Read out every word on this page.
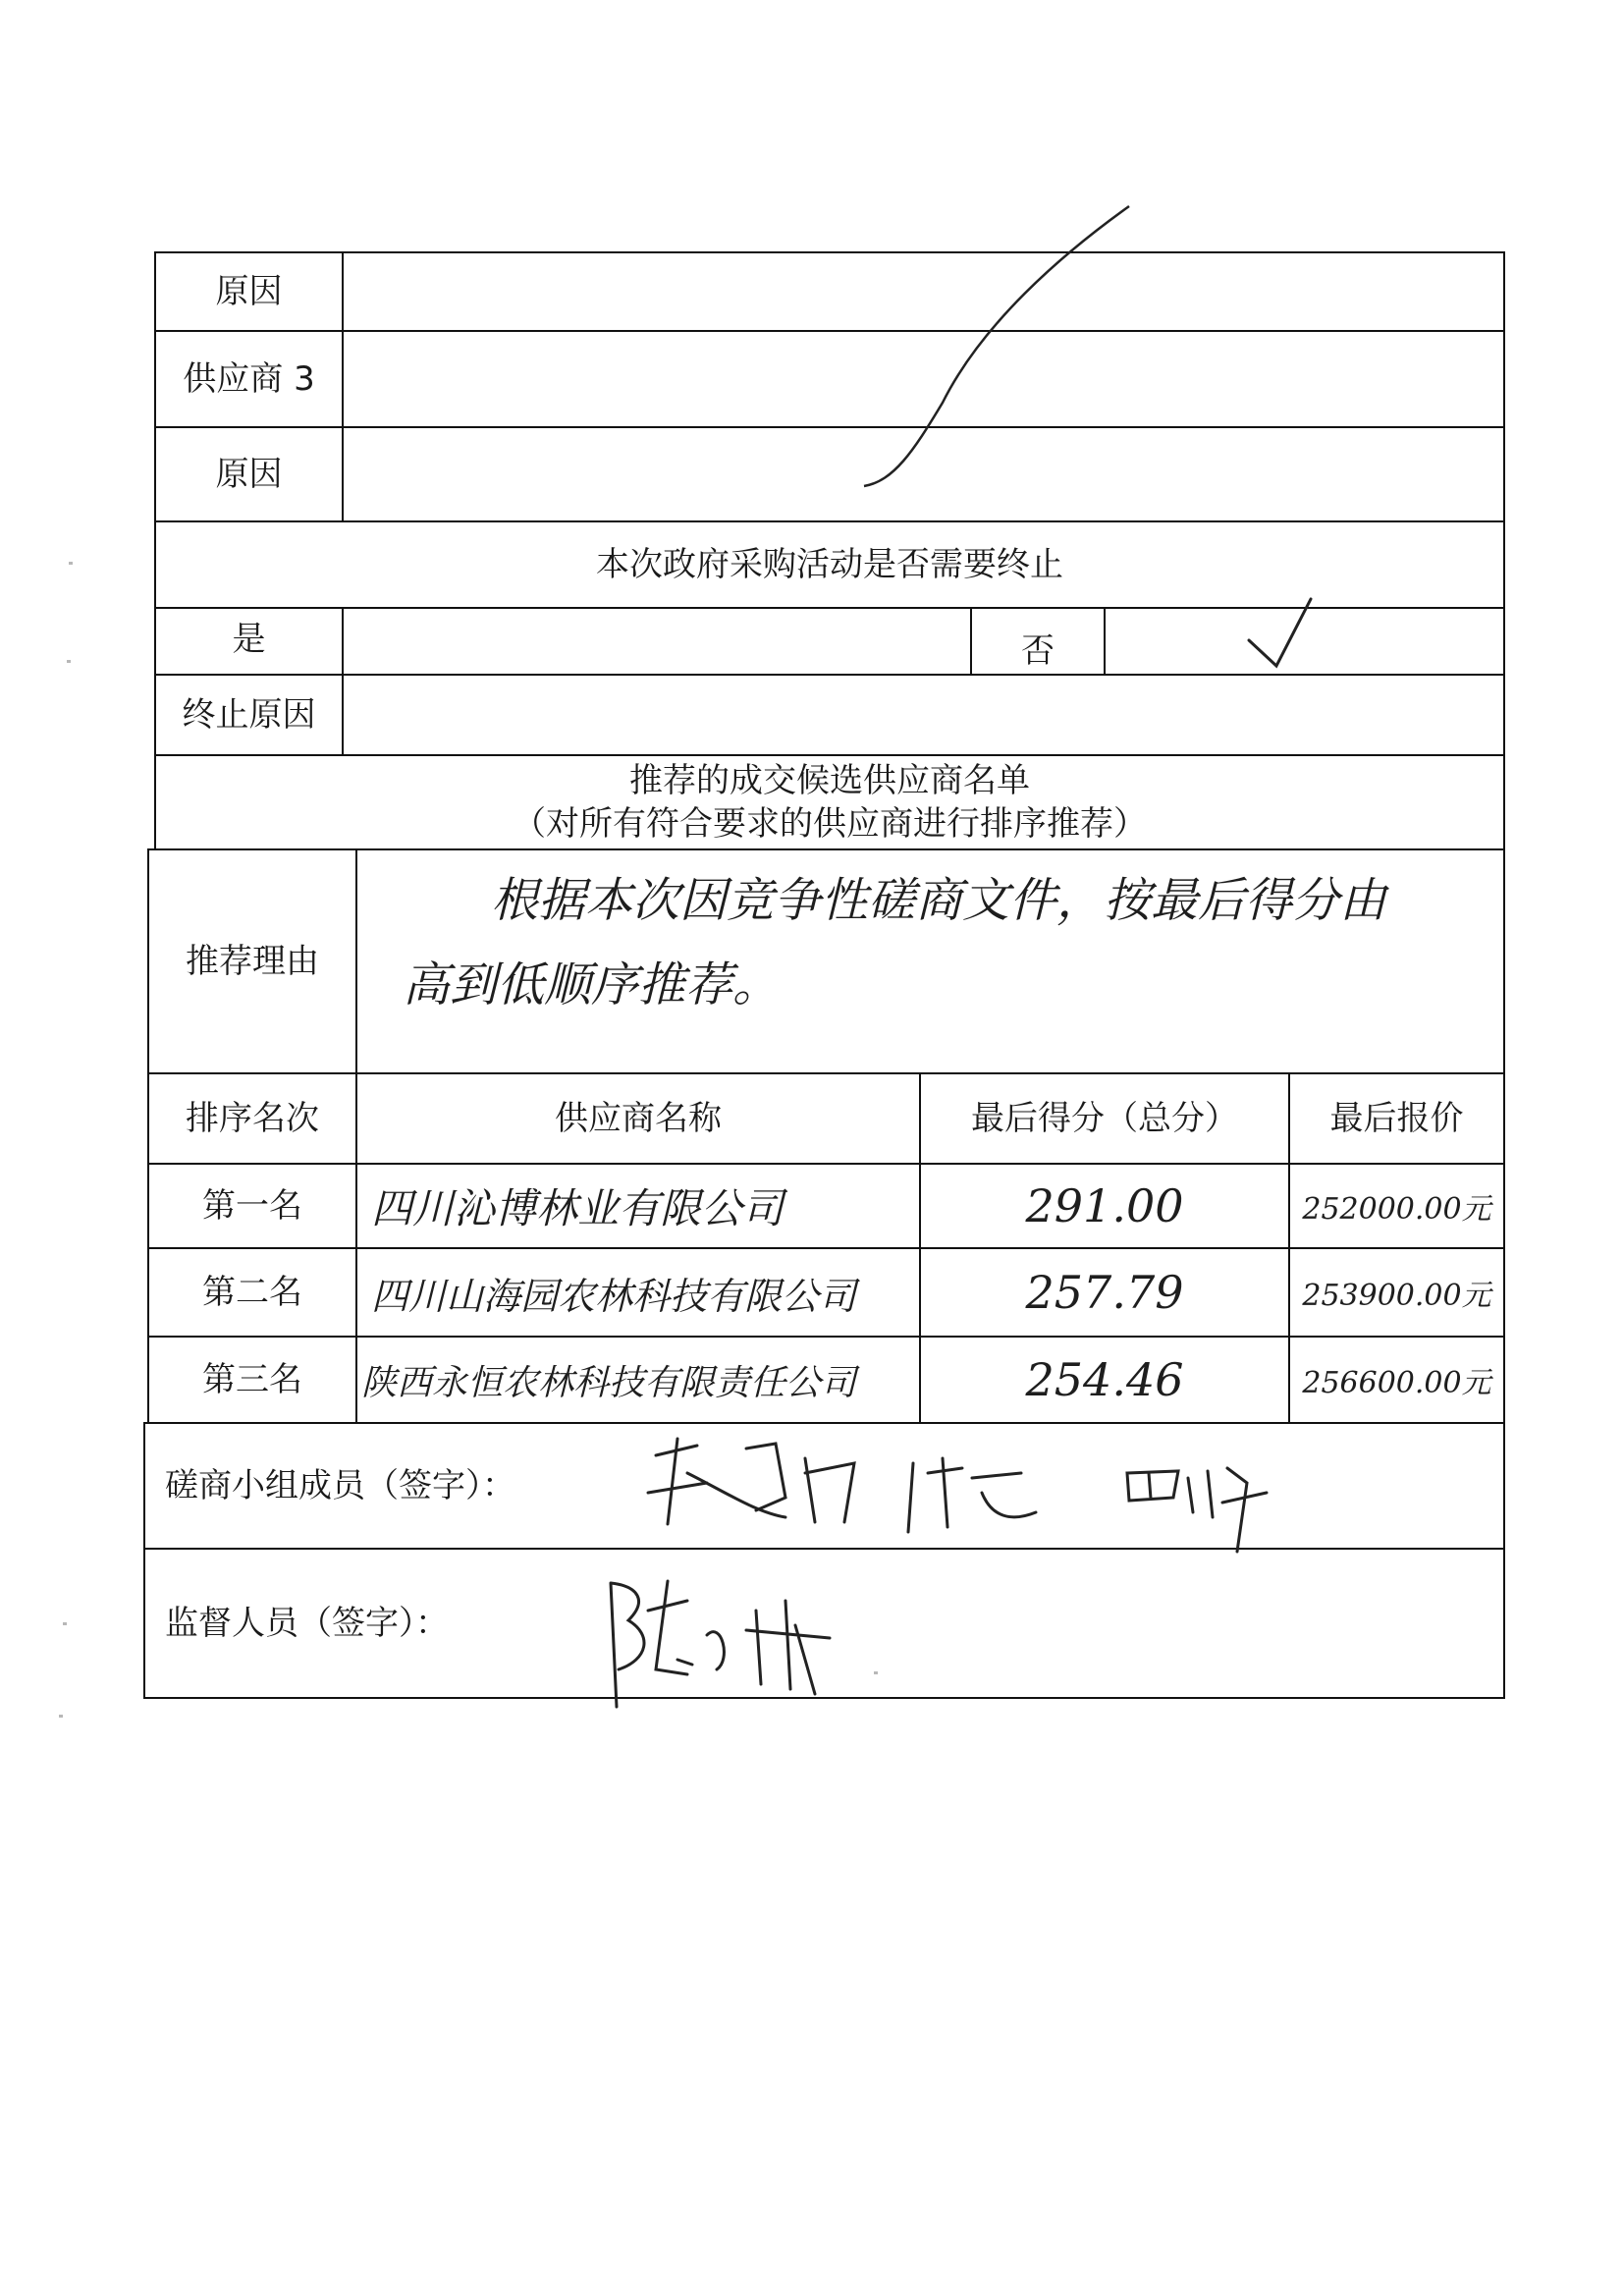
原因
供应商 3
原因
本次政府采购活动是否需要终止
是	否
终止原因
推荐的成交候选供应商名单
（对所有符合要求的供应商进行排序推荐）
推荐理由
根据本次因竞争性磋商文件，按最后得分由
高到低顺序推荐。
排序名次	供应商名称	最后得分（总分）	最后报价
第一名	四川沁博林业有限公司	291.00	252000.00元
第二名	四川山海园农林科技有限公司	257.79	253900.00元
第三名	陕西永恒农林科技有限责任公司	254.46	256600.00元
磋商小组成员（签字）：
监督人员（签字）：
